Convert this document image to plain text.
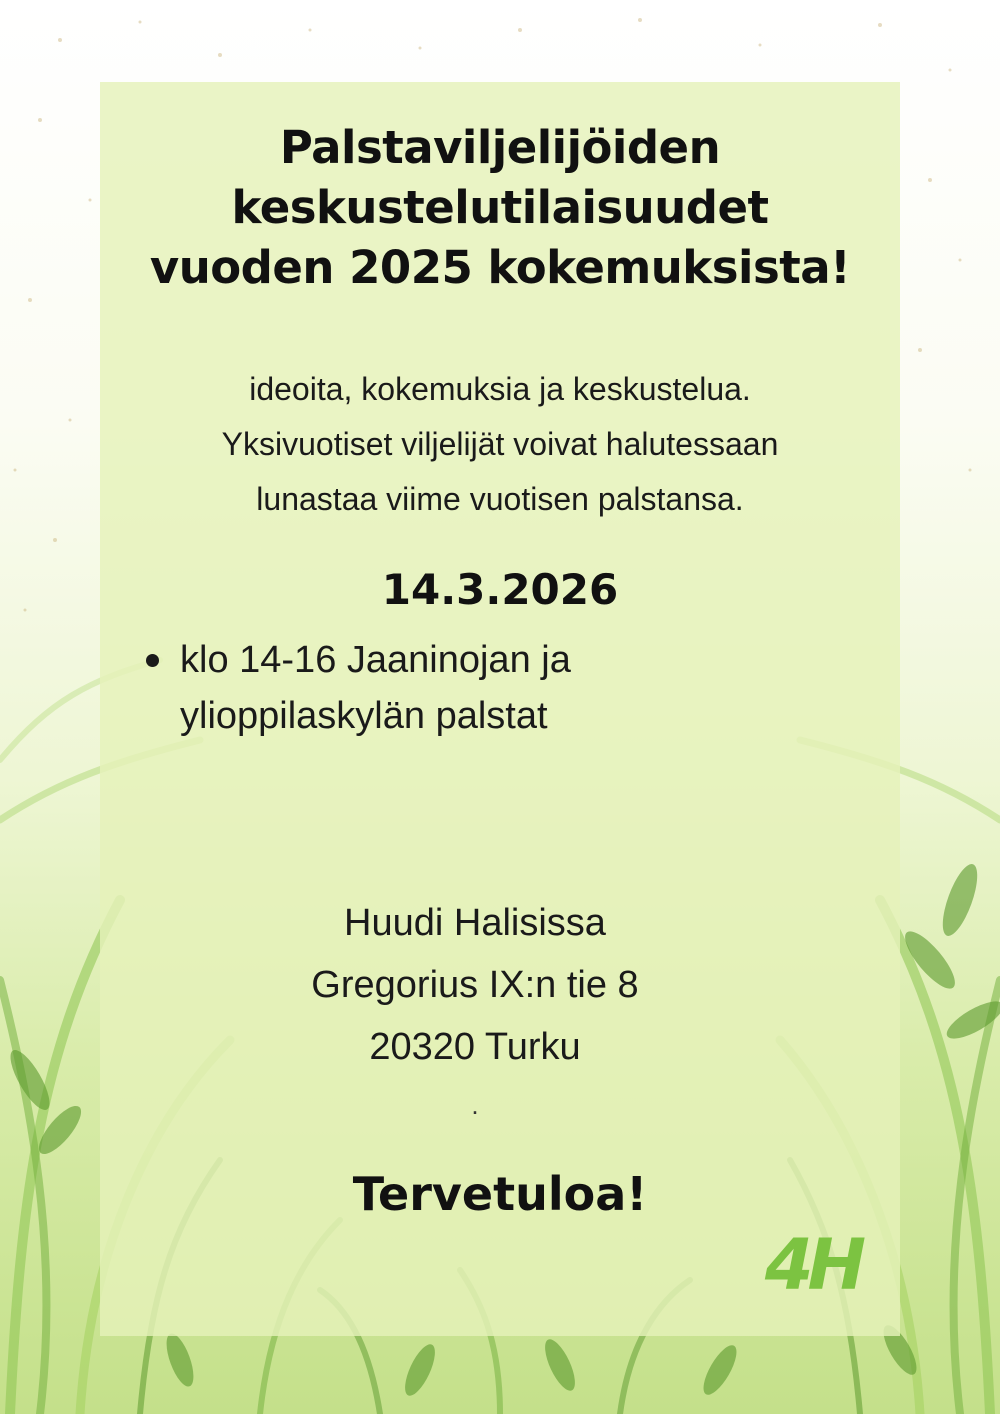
Palstaviljelijöiden
keskustelutilaisuudet
vuoden 2025 kokemuksista!
ideoita, kokemuksia ja keskustelua.
Yksivuotiset viljelijät voivat halutessaan
lunastaa viime vuotisen palstansa.
14.3.2026
klo 14-16 Jaaninojan ja
ylioppilaskylän palstat
Huudi Halisissa
Gregorius IX:n tie 8
20320 Turku
.
Tervetuloa!
4H
